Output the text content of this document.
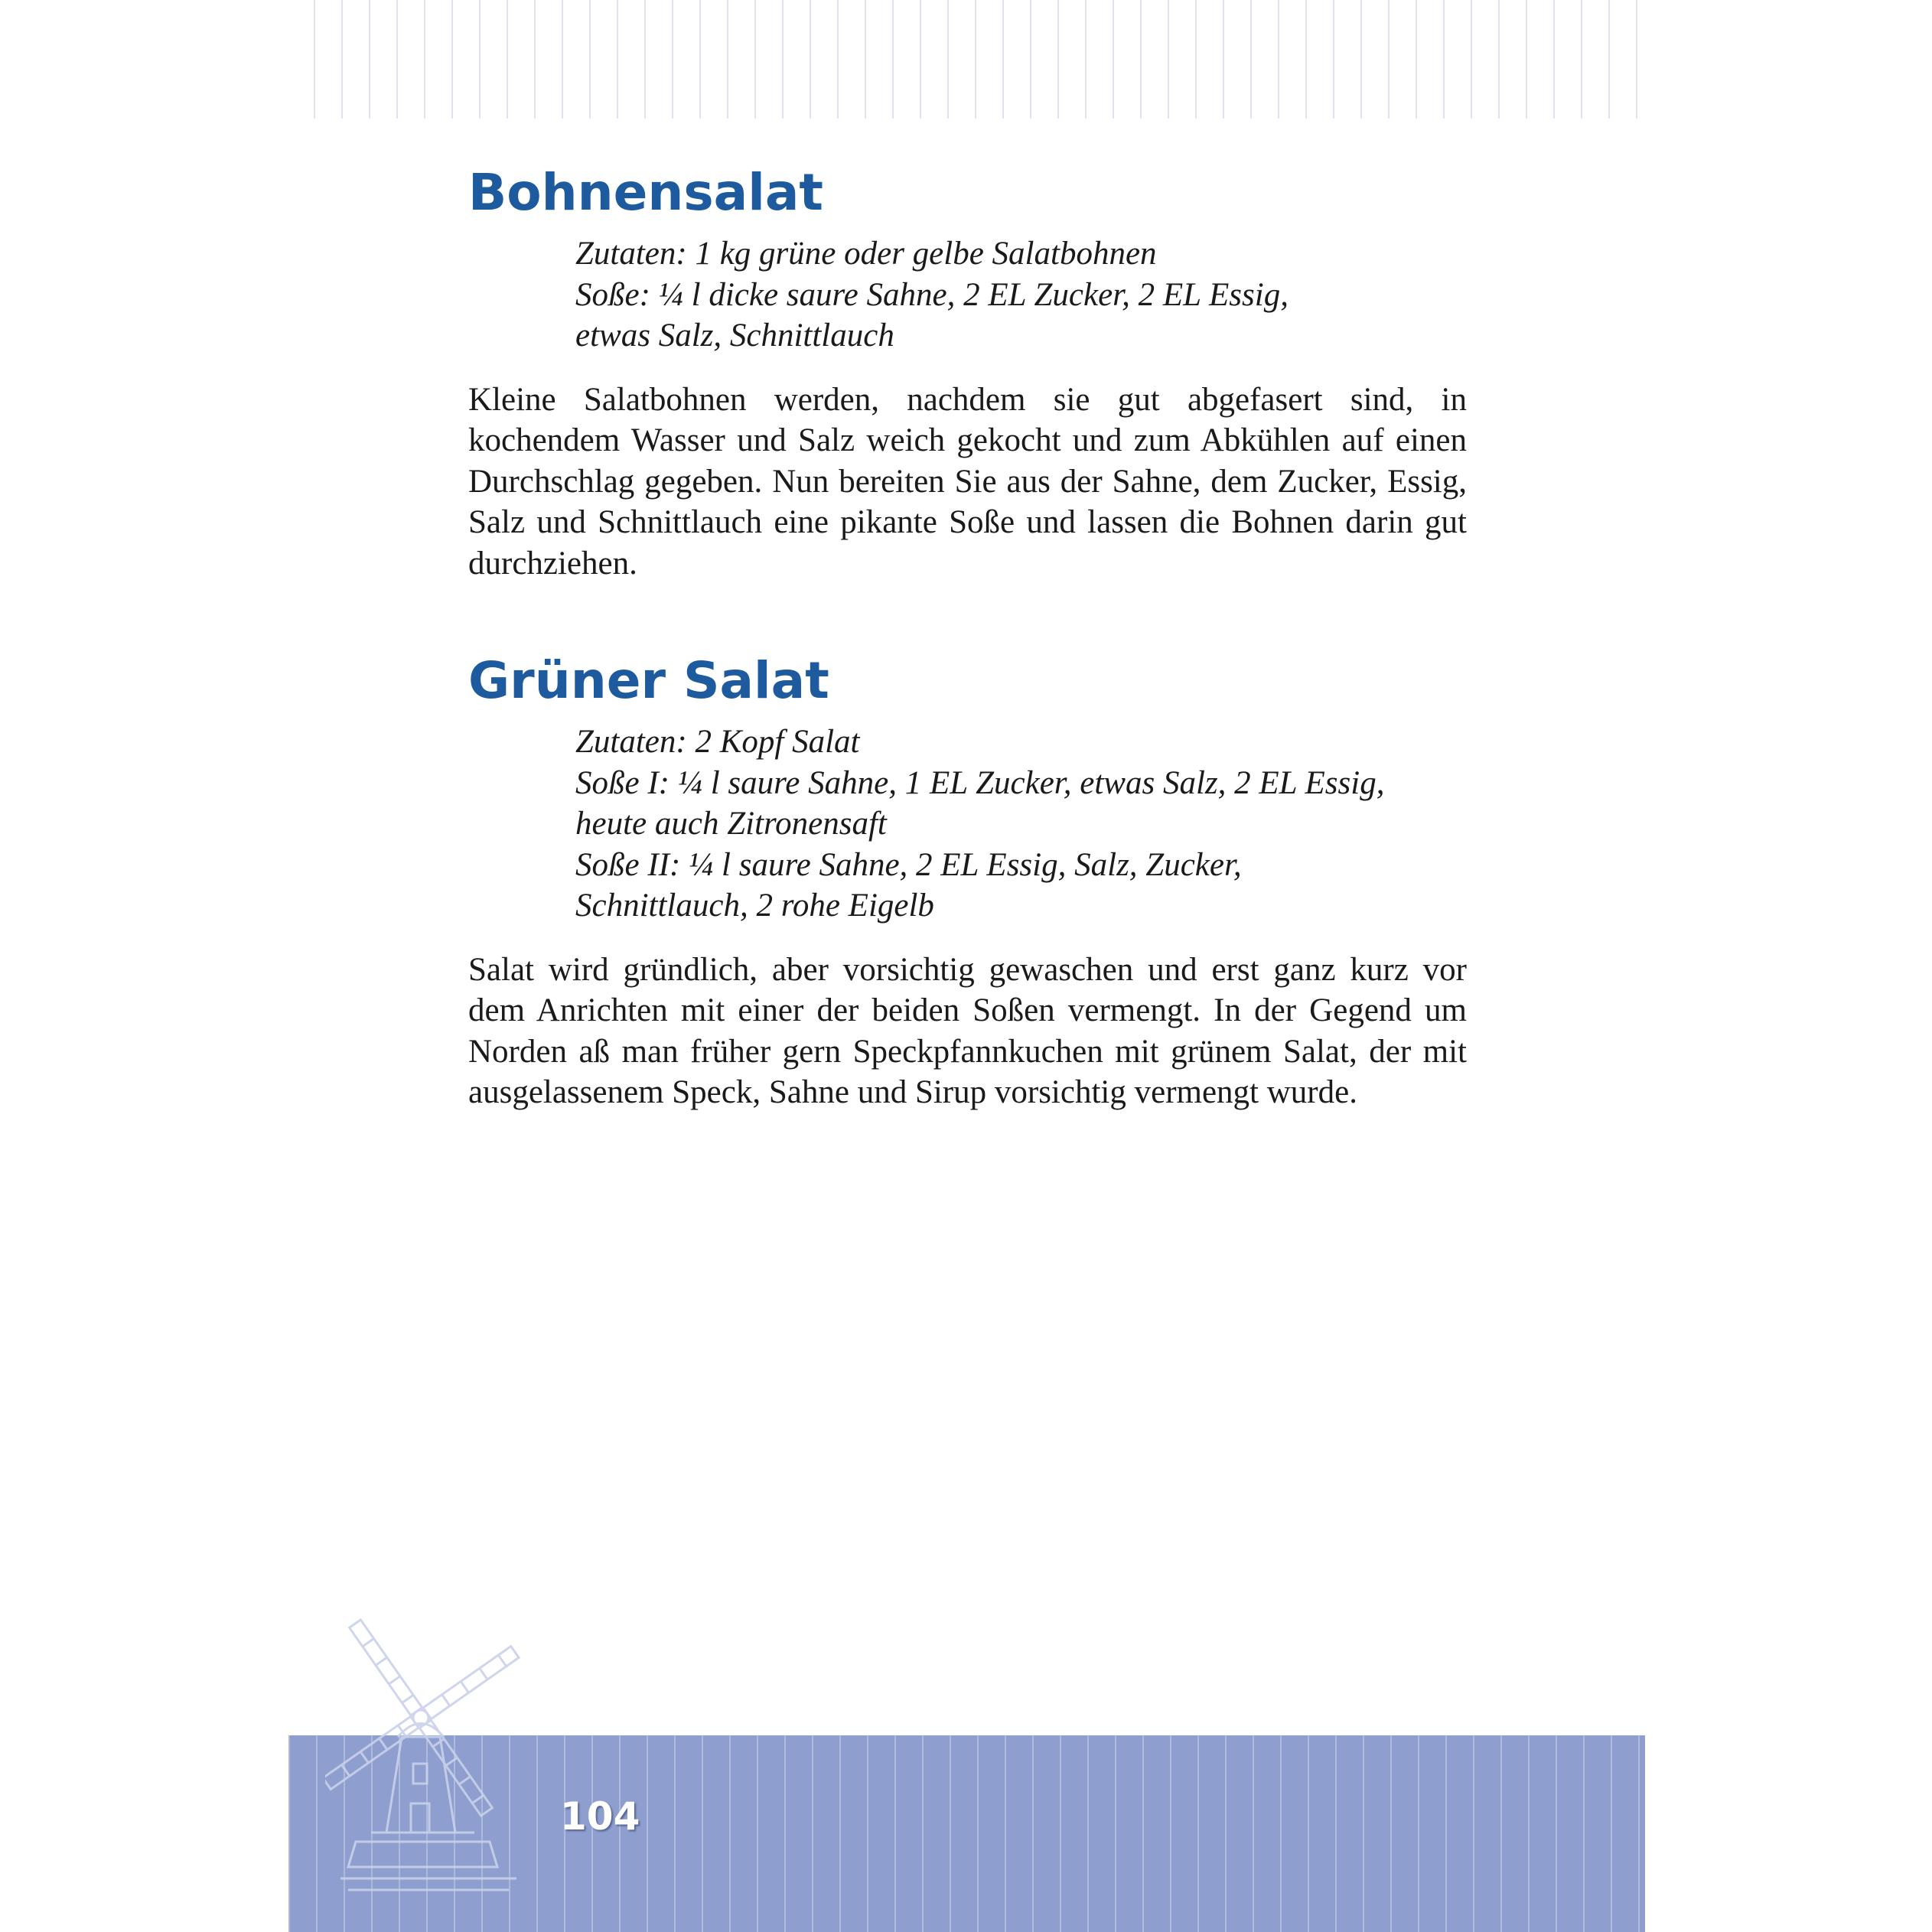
Bohnensalat
Zutaten: 1 kg grüne oder gelbe Salatbohnen
Soße: ¼ l dicke saure Sahne, 2 EL Zucker, 2 EL Essig,
etwas Salz, Schnittlauch

Kleine Salatbohnen werden, nachdem sie gut abgefasert sind, in kochendem Wasser und Salz weich gekocht und zum Abkühlen auf einen Durchschlag gegeben. Nun bereiten Sie aus der Sahne, dem Zucker, Essig, Salz und Schnittlauch eine pikante Soße und lassen die Bohnen darin gut durchziehen.

Grüner Salat
Zutaten: 2 Kopf Salat
Soße I: ¼ l saure Sahne, 1 EL Zucker, etwas Salz, 2 EL Essig,
heute auch Zitronensaft
Soße II: ¼ l saure Sahne, 2 EL Essig, Salz, Zucker,
Schnittlauch, 2 rohe Eigelb

Salat wird gründlich, aber vorsichtig gewaschen und erst ganz kurz vor dem Anrichten mit einer der beiden Soßen vermengt. In der Gegend um Norden aß man früher gern Speckpfannkuchen mit grünem Salat, der mit ausgelassenem Speck, Sahne und Sirup vorsichtig vermengt wurde.

104
